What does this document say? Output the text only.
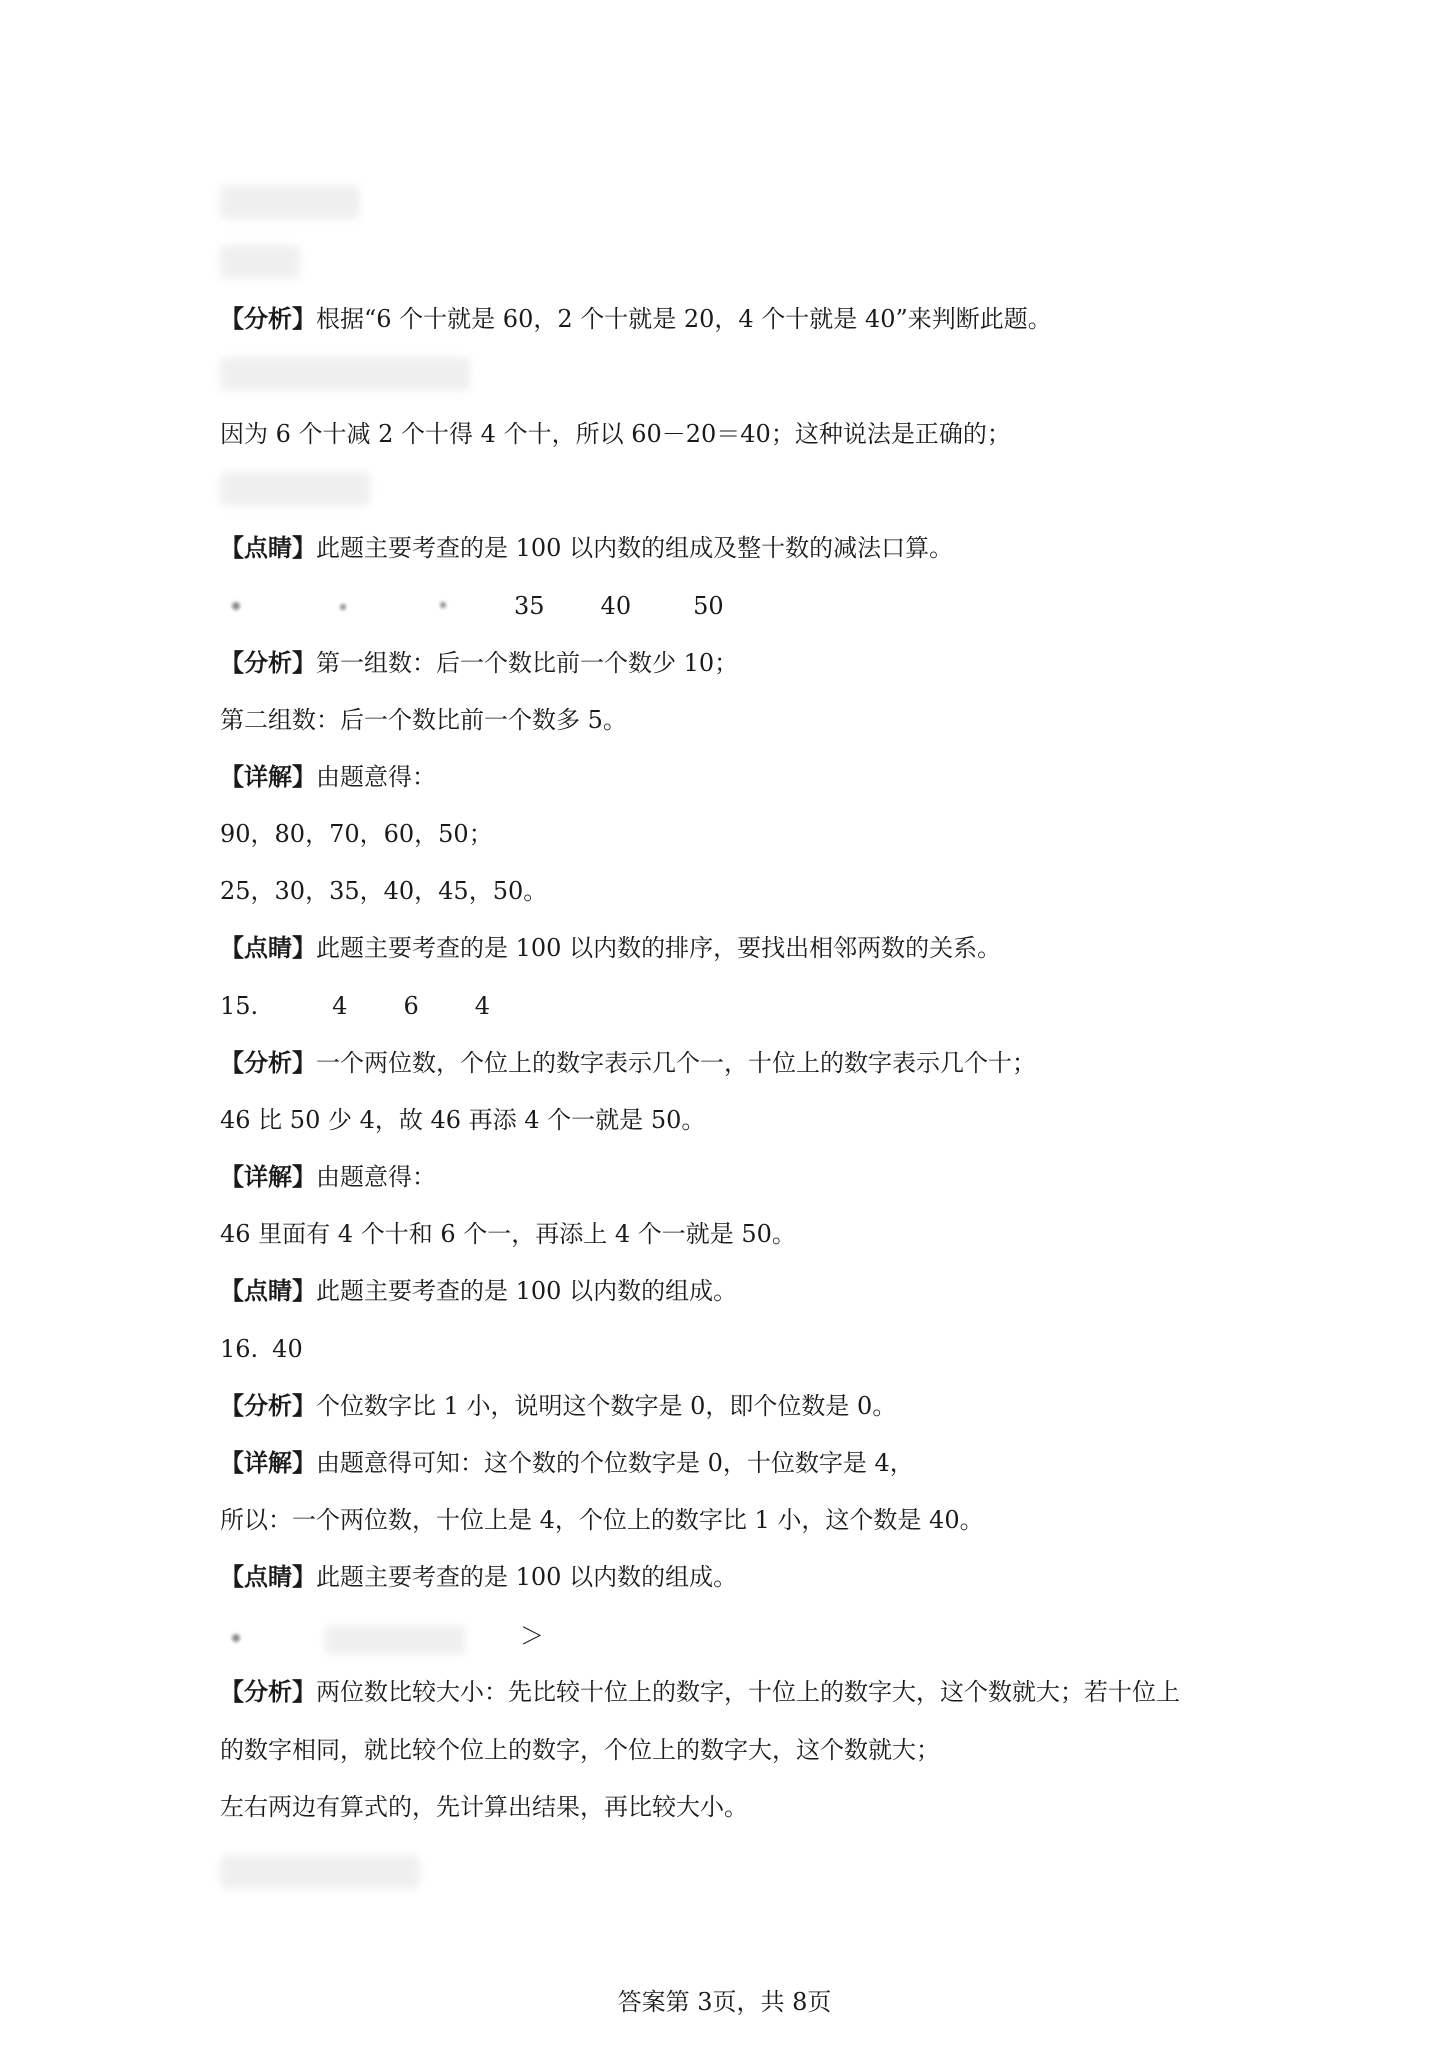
【分析】根据“6 个十就是 60，2 个十就是 20，4 个十就是 40”来判断此题。
因为 6 个十减 2 个十得 4 个十，所以 60－20＝40；这种说法是正确的；
【点睛】此题主要考查的是 100 以内数的组成及整十数的减法口算。
35 40	50
【分析】第一组数：后一个数比前一个数少 10；
第二组数：后一个数比前一个数多 5。
【详解】由题意得：
90，80，70，60，50；
25，30，35，40，45，50。
【点睛】此题主要考查的是 100 以内数的排序，要找出相邻两数的关系。
15.	4 6 4
【分析】一个两位数，个位上的数字表示几个一，十位上的数字表示几个十；
46 比 50 少 4，故 46 再添 4 个一就是 50。
【详解】由题意得：
46 里面有 4 个十和 6 个一，再添上 4 个一就是 50。
【点睛】此题主要考查的是 100 以内数的组成。
16. 40
【分析】个位数字比 1 小，说明这个数字是 0，即个位数是 0。
【详解】由题意得可知：这个数的个位数字是 0，十位数字是 4，
所以：一个两位数，十位上是 4，个位上的数字比 1 小，这个数是 40。
【点睛】此题主要考查的是 100 以内数的组成。
＞
【分析】两位数比较大小：先比较十位上的数字，十位上的数字大，这个数就大；若十位上
的数字相同，就比较个位上的数字，个位上的数字大，这个数就大；
左右两边有算式的，先计算出结果，再比较大小。
答案第 3页，共 8页
